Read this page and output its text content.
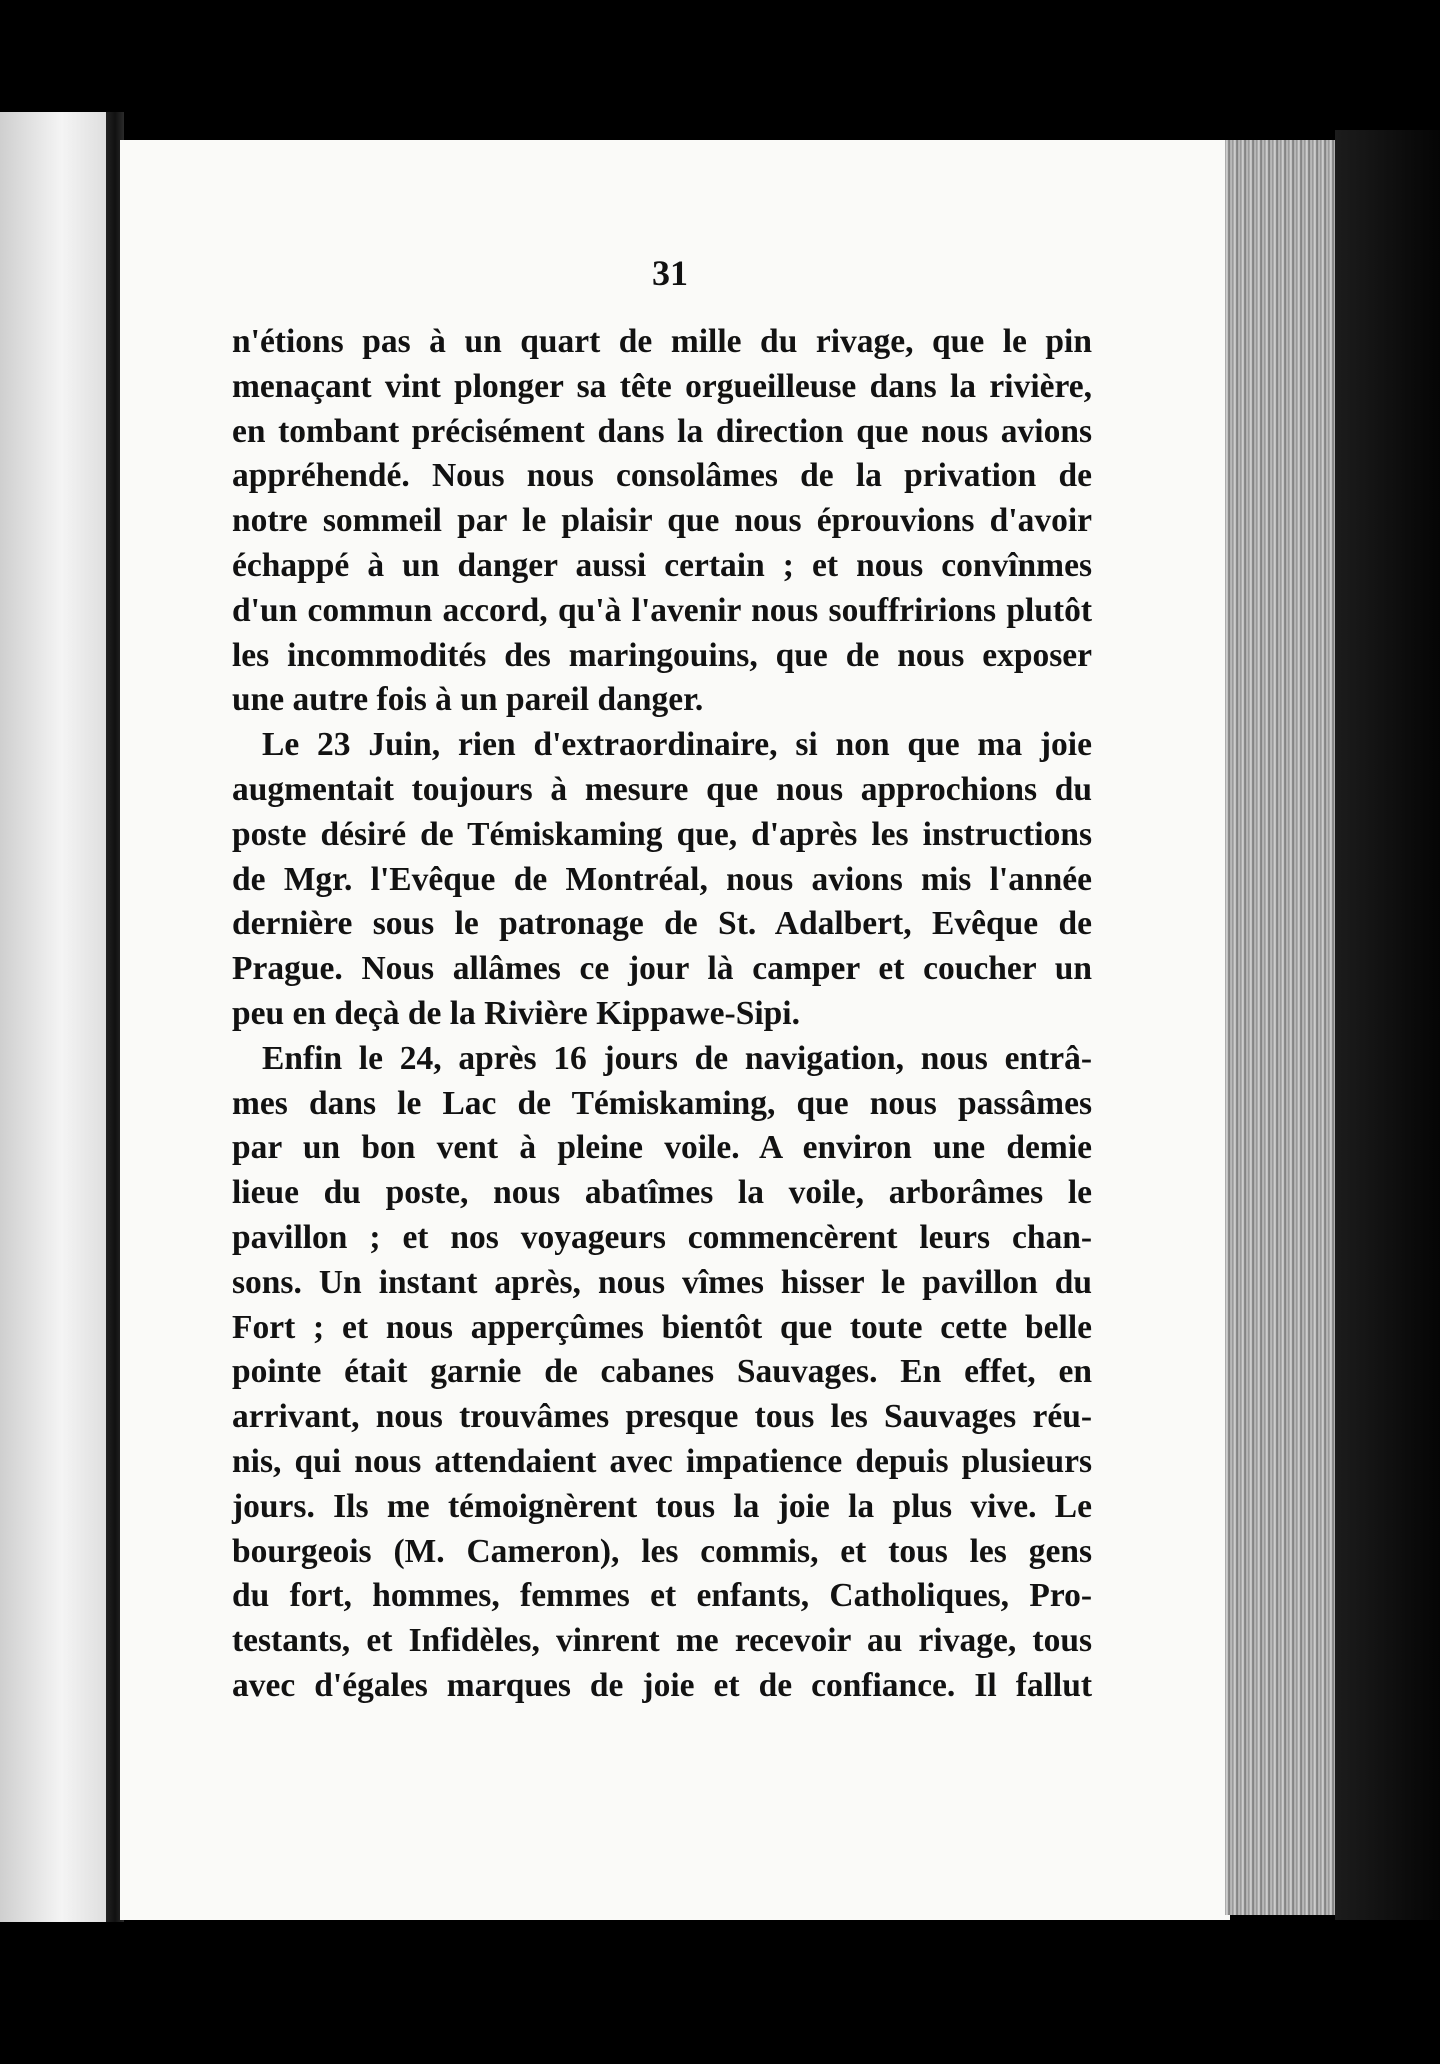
31
n'étions pas à un quart de mille du rivage, que le pin
menaçant vint plonger sa tête orgueilleuse dans la rivière,
en tombant précisément dans la direction que nous avions
appréhendé. Nous nous consolâmes de la privation de
notre sommeil par le plaisir que nous éprouvions d'avoir
échappé à un danger aussi certain ; et nous convînmes
d'un commun accord, qu'à l'avenir nous souffririons plutôt
les incommodités des maringouins, que de nous exposer
une autre fois à un pareil danger.
Le 23 Juin, rien d'extraordinaire, si non que ma joie
augmentait toujours à mesure que nous approchions du
poste désiré de Témiskaming que, d'après les instructions
de Mgr. l'Evêque de Montréal, nous avions mis l'année
dernière sous le patronage de St. Adalbert, Evêque de
Prague. Nous allâmes ce jour là camper et coucher un
peu en deçà de la Rivière Kippawe-Sipi.
Enfin le 24, après 16 jours de navigation, nous entrâ-
mes dans le Lac de Témiskaming, que nous passâmes
par un bon vent à pleine voile. A environ une demie
lieue du poste, nous abatîmes la voile, arborâmes le
pavillon ; et nos voyageurs commencèrent leurs chan-
sons. Un instant après, nous vîmes hisser le pavillon du
Fort ; et nous apperçûmes bientôt que toute cette belle
pointe était garnie de cabanes Sauvages. En effet, en
arrivant, nous trouvâmes presque tous les Sauvages réu-
nis, qui nous attendaient avec impatience depuis plusieurs
jours. Ils me témoignèrent tous la joie la plus vive. Le
bourgeois (M. Cameron), les commis, et tous les gens
du fort, hommes, femmes et enfants, Catholiques, Pro-
testants, et Infidèles, vinrent me recevoir au rivage, tous
avec d'égales marques de joie et de confiance. Il fallut
